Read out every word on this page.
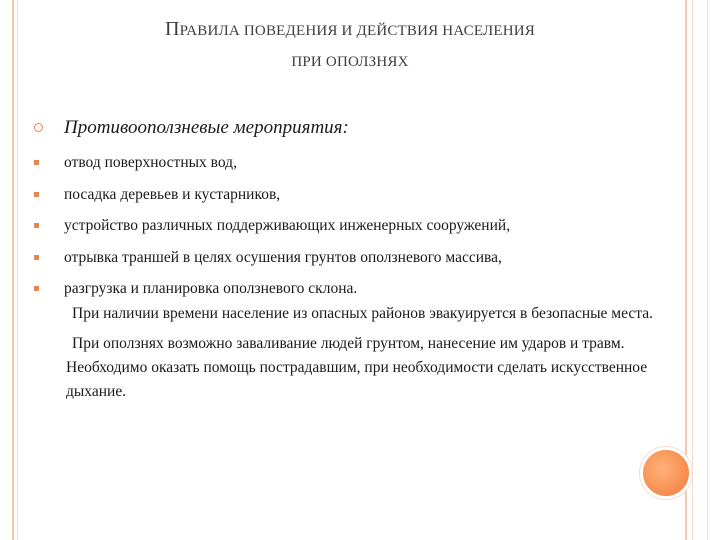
ПРАВИЛА ПОВЕДЕНИЯ И ДЕЙСТВИЯ НАСЕЛЕНИЯ
ПРИ ОПОЛЗНЯХ
Противооползневые мероприятия:
отвод поверхностных вод,
посадка деревьев и кустарников,
устройство различных поддерживающих инженерных сооружений,
отрывка траншей в целях осушения грунтов оползневого массива,
разгрузка и планировка оползневого склона.

При наличии времени население из опасных районов эвакуируется в безопасные места.

При оползнях возможно заваливание людей грунтом, нанесение им ударов и травм. Необходимо оказать помощь пострадавшим, при необходимости сделать искусственное дыхание.
